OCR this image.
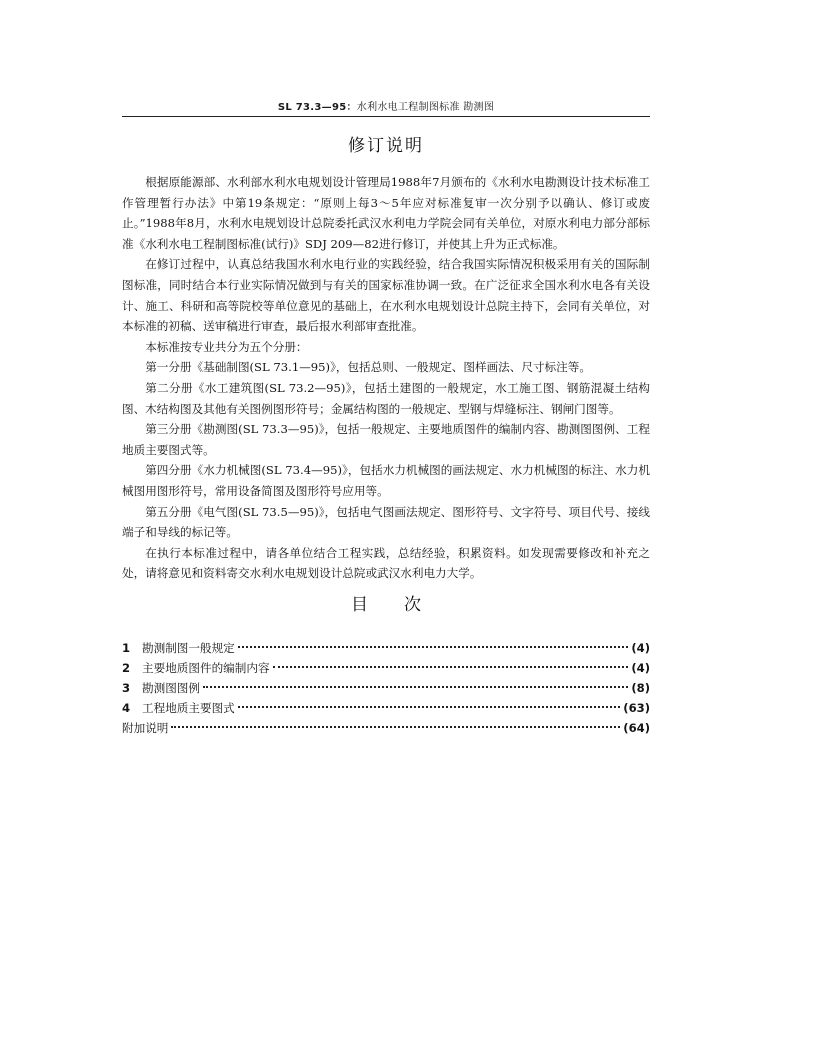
SL 73.3—95：水利水电工程制图标准 勘测图
修订说明

根据原能源部、水利部水利水电规划设计管理局1988年7月颁布的《水利水电勘测设计技术标准工作管理暂行办法》中第19条规定：“原则上每3～5年应对标准复审一次分别予以确认、修订或废止。”1988年8月，水利水电规划设计总院委托武汉水利电力学院会同有关单位，对原水利电力部分部标准《水利水电工程制图标准(试行)》SDJ 209—82进行修订，并使其上升为正式标准。

在修订过程中，认真总结我国水利水电行业的实践经验，结合我国实际情况积极采用有关的国际制图标准，同时结合本行业实际情况做到与有关的国家标准协调一致。在广泛征求全国水利水电各有关设计、施工、科研和高等院校等单位意见的基础上，在水利水电规划设计总院主持下，会同有关单位，对本标准的初稿、送审稿进行审查，最后报水利部审查批准。

本标准按专业共分为五个分册：

第一分册《基础制图(SL 73.1—95)》，包括总则、一般规定、图样画法、尺寸标注等。

第二分册《水工建筑图(SL 73.2—95)》，包括土建图的一般规定，水工施工图、钢筋混凝土结构图、木结构图及其他有关图例图形符号；金属结构图的一般规定、型钢与焊缝标注、钢闸门图等。

第三分册《勘测图(SL 73.3—95)》，包括一般规定、主要地质图件的编制内容、勘测图图例、工程地质主要图式等。

第四分册《水力机械图(SL 73.4—95)》，包括水力机械图的画法规定、水力机械图的标注、水力机械图用图形符号，常用设备简图及图形符号应用等。

第五分册《电气图(SL 73.5—95)》，包括电气图画法规定、图形符号、文字符号、项目代号、接线端子和导线的标记等。

在执行本标准过程中，请各单位结合工程实践，总结经验，积累资料。如发现需要修改和补充之处，请将意见和资料寄交水利水电规划设计总院或武汉水利电力大学。

目 次
1	勘测制图一般规定	(4)
2	主要地质图件的编制内容	(4)
3	勘测图图例	(8)
4	工程地质主要图式	(63)
附加说明	(64)
